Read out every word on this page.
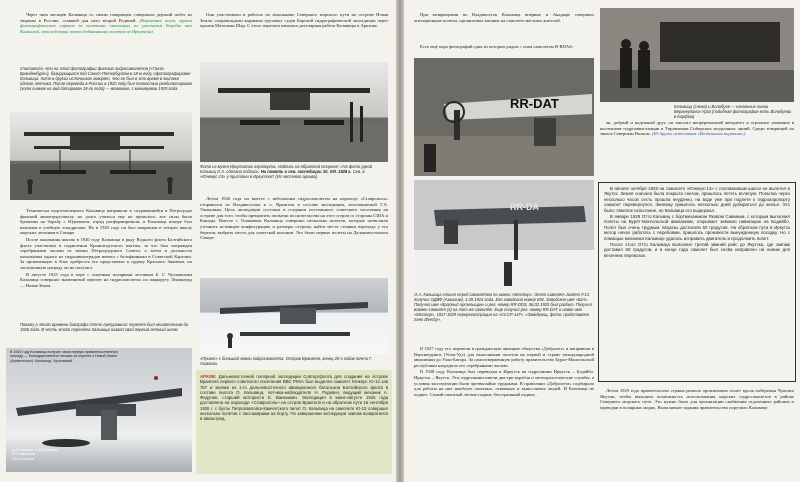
Через пять месяцев Кальвица со своим товарищем совершала дерзкий побег из тюрьмы в Россию, ставшей для него второй Родиной. (Вероятнее всего, группа фотографических справок за полетами описанных по рассказам Бороды тех Камышей, впоследствии почти добавлявших полетов из Иркутска)

Считается, что на этой фотографии финских гидросамолетов («Ганза-Бранденбург»), базирующихся под Санкт-Петербургом в 18-м году, сфотографирован Кальвица. Хотя в других источниках говорят, что он был в это время в экипаже одного летчика. После перевода в Россию в 1920 году был полностью реабилитирован (хотя снимок на вид датирован 18-го года) — возможно, с минимумом 1929 года.

Технически подготовленного Кальвица направили в создававшийся в Петрограде финский авиаотряд-школу, но долго учиться ему не пришлось: все силы были брошены на борьбу с Юденичем, отряд расформировали, и Кальвица вскоре был назначен в учебную эскадрилью. Но в 1920 году он был направлен в летную школу морских летчиков в Самаре.

После окончания школы в 1920 году Кальвица в ряду Водного флота Балтийского флота участвовал в подавлении Кронштадтского мятежа, за что был награжден серебряными часами от имени Петроградского Совета, а затем в должности начальника одного из гидроавиаотрядов воевал с белофиннами в Советской Карелии. За проявленную в боях храбрость его представили к ордену Красного Знамени, но заслуженную награду он не получил.

В августе 1925 года в паре с опытным полярным летчиком Б. Г. Чухновским Кальвица совершил знаменитый перелет на гидросамолетах по маршруту Ленинград — Новая Земля.

Покажу о этого времени биографа Отто Артуровича: перелет был неизвестным до 1926 года. В честь этого перелета Кальвица назвал свой первый летный шлем.
А.Д.Сапаров, А.А.Калавица
Е.Н.Кирсанов
Р.А.Литвинов
В 1925 году Кальвица получил свою первую правительственную награду — благодарственное письмо за перелет к Новой Земле (Архангельск): Кальвица, Чухновский.

Они участвовали в работах по изысканию Северного морского пути на острове Новая Земля, сопровождали караваны грузовых судов Карской гидрографической экспедиции через пролив Маточкин Шар. С этого перелета началась регулярная работа Кальвицы в Арктике.

Фото из музея Иркутского аэропорта. Надпись на обратной стороне: «На фото рукой Кальвиц О.А. сделана подпись: На память о сев. экспедиции 10. VIII. 1928 г. Сев. в «Юнкерс-13» у пристани в Иркутске? (Из частного архива).

Летом 1926 года он вместе с небольшим гидросамолетом на пароходе «Ставрополь» отправился из Владивостока к о. Врангеля в составе экспедиции, возглавляемой Г.А. Ушаковым. Цель экспедиции состояла в создании постоянного советского поселения на острове для того, чтобы прекратить попытки посягательства на этот остров со стороны США и Канады. Вместе с Ушаковым Кальвица совершил несколько полетов, которые позволили уточнить истинную конфигурацию и размеры острова, найти места стоянки парохода у его берегов, выбрать место для советской колонии. Это были первые полеты на Дальневосточном Севере.

«Принт» с большой земли гидросамолета. Остров Врангеля, конец 20-х годов почти Г. Ушакова.
АРХИВ: Дальневосточной полярной экспедиции Совторгфлота для создания на острове Врангеля первого советского поселения ВВС РККА был выделен самолет Юнкерс Ю-13 зав 767 и экипаж из 1-го дальневосточного авиационного батальона Балтийского флота в составе пилота О. Кальвица, летчика-наблюдателя Н. Родевич, ведущий механик А. Федулин, старший мотористи Е. Ванюшкин. Экспедиция в июне-августе 1926 года доставлена на пароходе «Ставрополь» на остров Врангеля и на обратном пути 16 сентября 1926 г. с бухты Петропавловск-Камчатского пилот О. Кальвица на самолете Ю-13 совершил несколько полетов с пассажирами на борту. По завершении экспедиции экипаж возвратился в авиаотряд.

При возвращении во Владивосток Кальвица впервые в Анадыре совершил агитационные полеты, организовал катание на самолете местных жителей.

Есть ещё пара фотографий одна из которых рядом с этим самолетом R-RDAS:

RR-DAT	Кальвица (слева) и Волобуев — начальник линии Верхнеудинск-Урга (подобная фотография есть Волобуева в Корфою)

ак, добрый и надежный друг, он заносил непререкаемый авторитет и огромное уважение в коллективе гидроавиастанции в Управлении Сибирских воздушных линий. Среди товарищей он звался Северным Волком. (Из других источников «Воздушным пиратом»).

RR-DA
О.А. Кальвица стоит перед самолётом по имени «Мостор». Этот самолёт Junkers F.13 получил ОДВФ (Авиахим), 1.09.1924 года. Его заводской номер 692. Заводское имя «Бгл». Получил имя «Красный артельщик» и рег. номер RR-DDS, 06.02.1925 был разбит. Получил взамен самолёт (к) на тот же самолёт. Еще получил рег. номер RR-DAT и новое имя «Мостор». 1927-1929 перерегистрация на «СССР-147». «Заведующ. фото: представлен Sven Øverby».

В 1927 году его перевели в гражданскую авиацию общества «Добролет» и направили в Верхнеудинск (Улан-Удэ) для выполнения полетов на первой в стране международной авиалинии до Улан-Батора. За самоотверженную работу правительство Бурят-Монгольской республики наградило его серебряными часами.

В 1928 году Кальвица был переведен в Иркутск на гидролинии Иркутск – Бодайбо, Иркутск – Якутск. Эти гидролинии имели два-три корабля и метеорологические службы, а условия эксплуатации были чрезвычайно трудными. В правлении «Добролета» подбирали для работы на них наиболее опытных, отважных и выносливых людей. И Кальвица не подвел. Самый опытный летчик-подвиг, бесстрашный подвиг...

В начале октября 1928 на самолете «Юнкерс-13» с поплавковым шасси он вылетел в Якутск. Земля сначала была покрыта снегом, пришлось лететь вслепую. Попытка через несколько часов сесть прошла неудачно, на воде уже при подлете к гидроаэропорту самолет перевернулся. Экипажу пришлось несколько дней добираться до жилья. Это было тяжелое испытание, но Кальвица его выдержал.

В январе 1929 Отто Кальвиц с бортмехаником Яковом Савиным, с которым выполнил полеты на Бурят-Монгольской авиалинии, открывает зимнюю навигацию на Бодайбо. Полет был очень трудным. Морозы достигали 50 градусов. На обратном пути в Иркутск мотор начал работать с перебоями, пришлось произвести вынужденную посадку. Но с помощью механика Кальвице удалось исправить двигатель и продолжить полет.

После этого Отто Кальвица выполнил третий зимний рейс до Якутска, где экипаж доставил 60 градусов, и в конце года самолет был снова направлен на линию для весенних перевозок.

Летом 1929 года правительство страны решило организовать полет вдоль побережья Чукотки Якутии, чтобы выяснить возможность использования морских гидросамолетов в районе Северного морского пути. Это нужно было для организации снабжения отдаленных районов и проводки в полярных морях. Выполнение задания правительство поручило Кальвице.
